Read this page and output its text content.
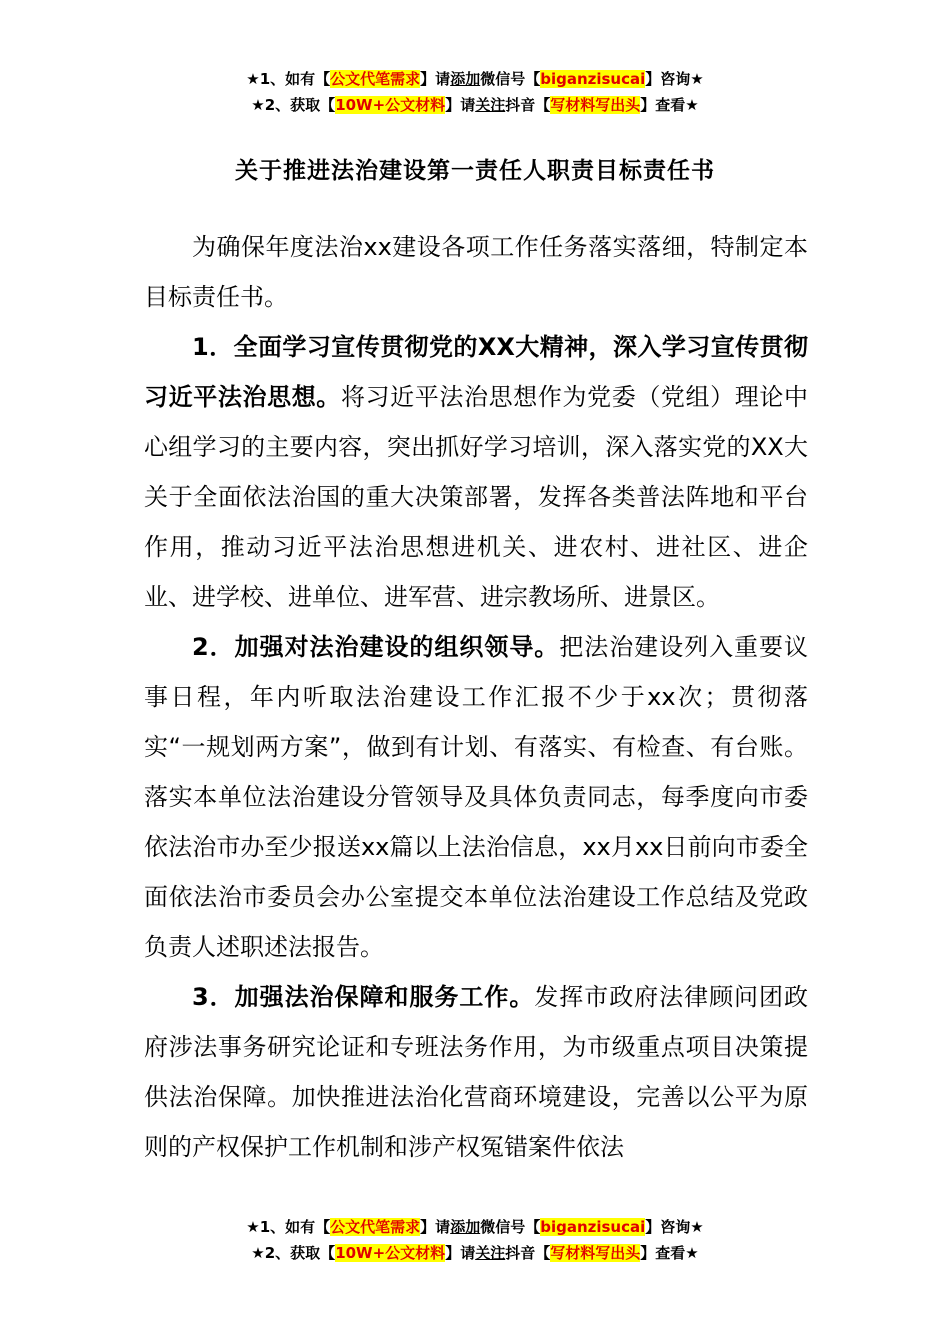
★1、如有【公文代笔需求】请添加微信号【biganzisucai】咨询★
★2、获取【10W+公文材料】请关注抖音【写材料写出头】查看★
关于推进法治建设第一责任人职责目标责任书

为确保年度法治xx建设各项工作任务落实落细，特制定本目标责任书。

1．全面学习宣传贯彻党的XX大精神，深入学习宣传贯彻习近平法治思想。将习近平法治思想作为党委（党组）理论中心组学习的主要内容，突出抓好学习培训，深入落实党的XX大关于全面依法治国的重大决策部署，发挥各类普法阵地和平台作用，推动习近平法治思想进机关、进农村、进社区、进企业、进学校、进单位、进军营、进宗教场所、进景区。

2．加强对法治建设的组织领导。把法治建设列入重要议事日程，年内听取法治建设工作汇报不少于xx次；贯彻落实“一规划两方案”，做到有计划、有落实、有检查、有台账。落实本单位法治建设分管领导及具体负责同志，每季度向市委依法治市办至少报送xx篇以上法治信息，xx月xx日前向市委全面依法治市委员会办公室提交本单位法治建设工作总结及党政负责人述职述法报告。

3．加强法治保障和服务工作。发挥市政府法律顾问团政府涉法事务研究论证和专班法务作用，为市级重点项目决策提供法治保障。加快推进法治化营商环境建设，完善以公平为原则的产权保护工作机制和涉产权冤错案件依法

★1、如有【公文代笔需求】请添加微信号【biganzisucai】咨询★
★2、获取【10W+公文材料】请关注抖音【写材料写出头】查看★
